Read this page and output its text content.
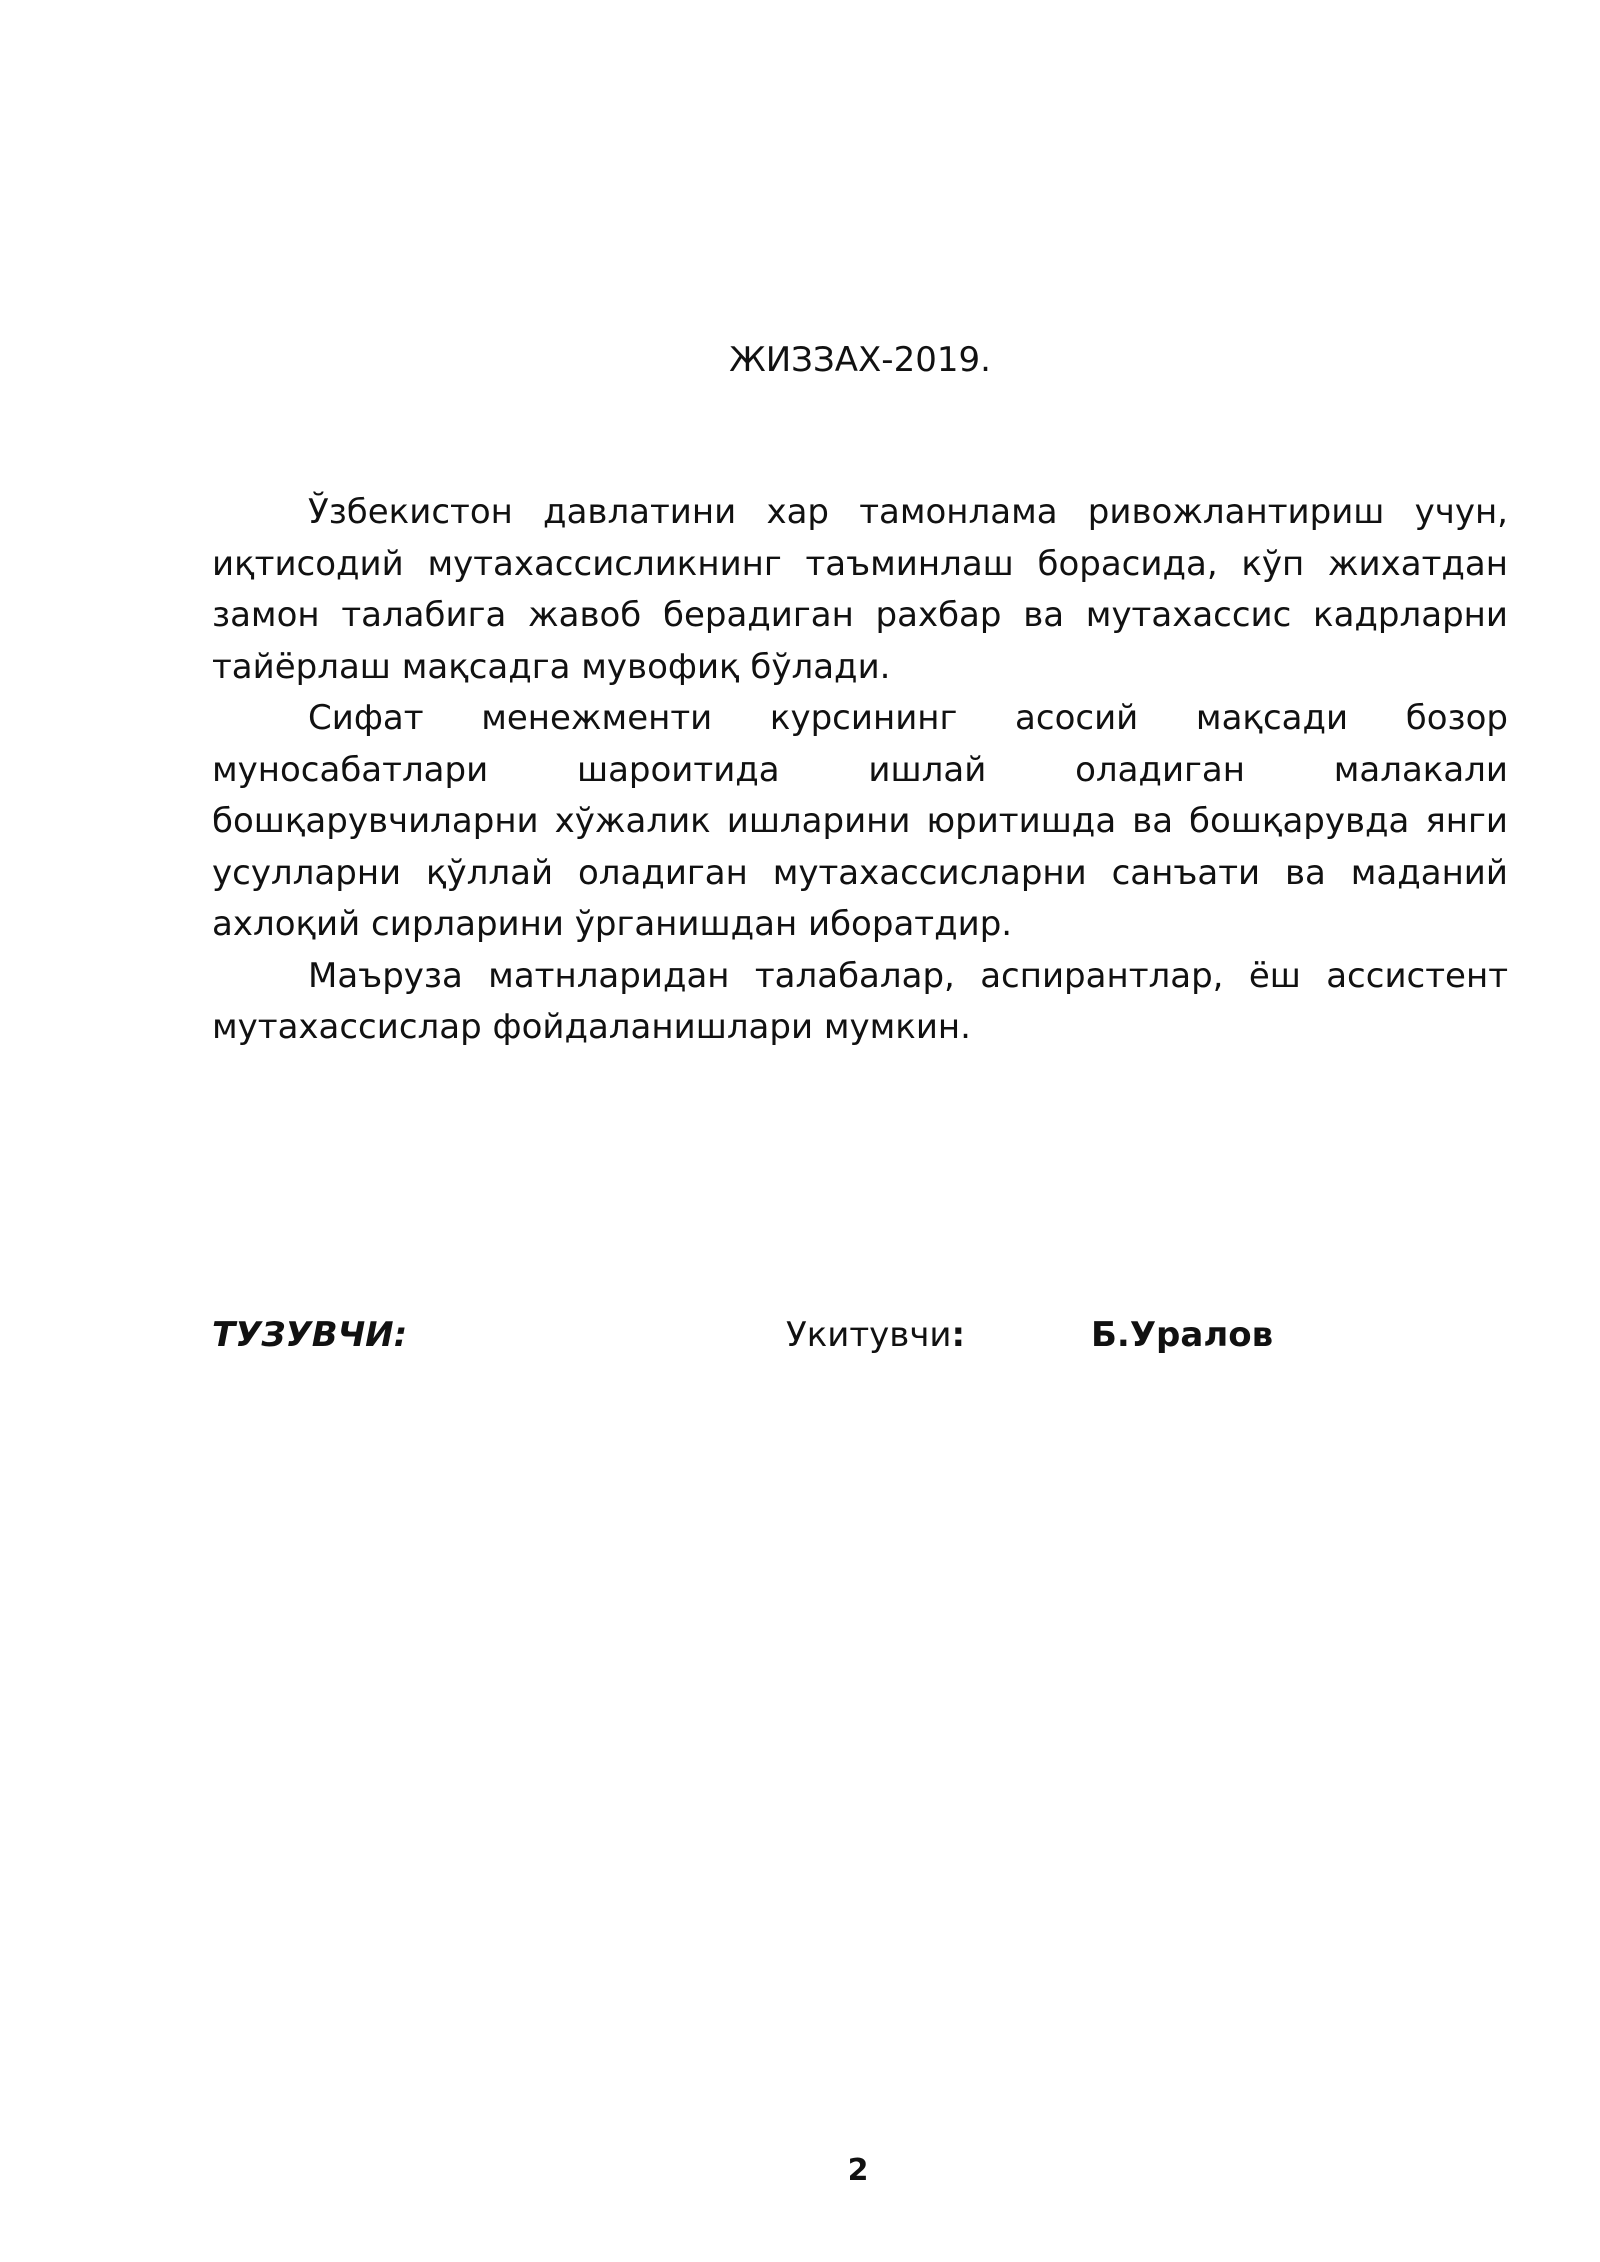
ЖИЗЗАХ-2019.

Ўзбекистон давлатини хар тамонлама ривожлантириш учун, иқтисодий мутахассисликнинг таъминлаш борасида, кўп жихатдан замон талабига жавоб берадиган рахбар ва мутахассис кадрларни тайёрлаш мақсадга мувофиқ бўлади.

Сифат менежменти курсининг асосий мақсади бозор муносабатлари шароитида ишлай оладиган малакали бошқарувчиларни хўжалик ишларини юритишда ва бошқарувда янги усулларни қўллай оладиган мутахассисларни санъати ва маданий ахлоқий сирларини ўрганишдан иборатдир.

Маъруза матнларидан талабалар, аспирантлар, ёш ассистент мутахассислар фойдаланишлари мумкин.

ТУЗУВЧИ:	Укитувчи:	Б.Уралов
2
